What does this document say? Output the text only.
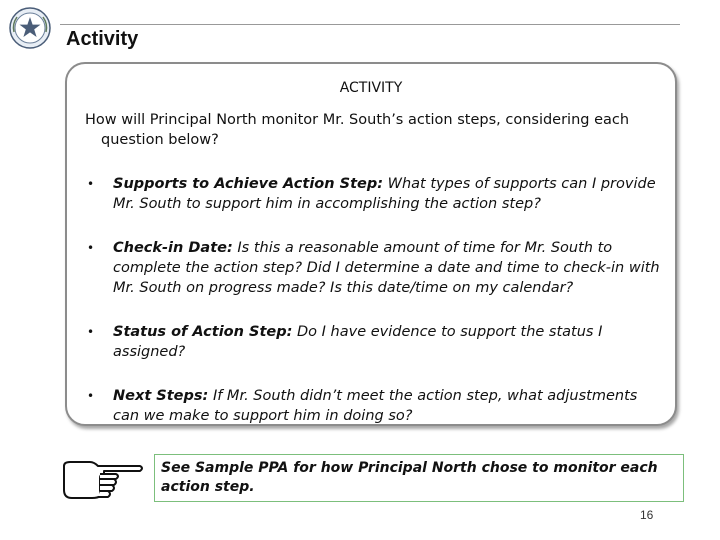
Activity
ACTIVITY
How will Principal North monitor Mr. South’s action steps, considering each question below?
• Supports to Achieve Action Step: What types of supports can I provide Mr. South to support him in accomplishing the action step?
• Check-in Date: Is this a reasonable amount of time for Mr. South to complete the action step? Did I determine a date and time to check-in with Mr. South on progress made? Is this date/time on my calendar?
• Status of Action Step: Do I have evidence to support the status I assigned?
• Next Steps: If Mr. South didn’t meet the action step, what adjustments can we make to support him in doing so?
See Sample PPA for how Principal North chose to monitor each action step.
16
